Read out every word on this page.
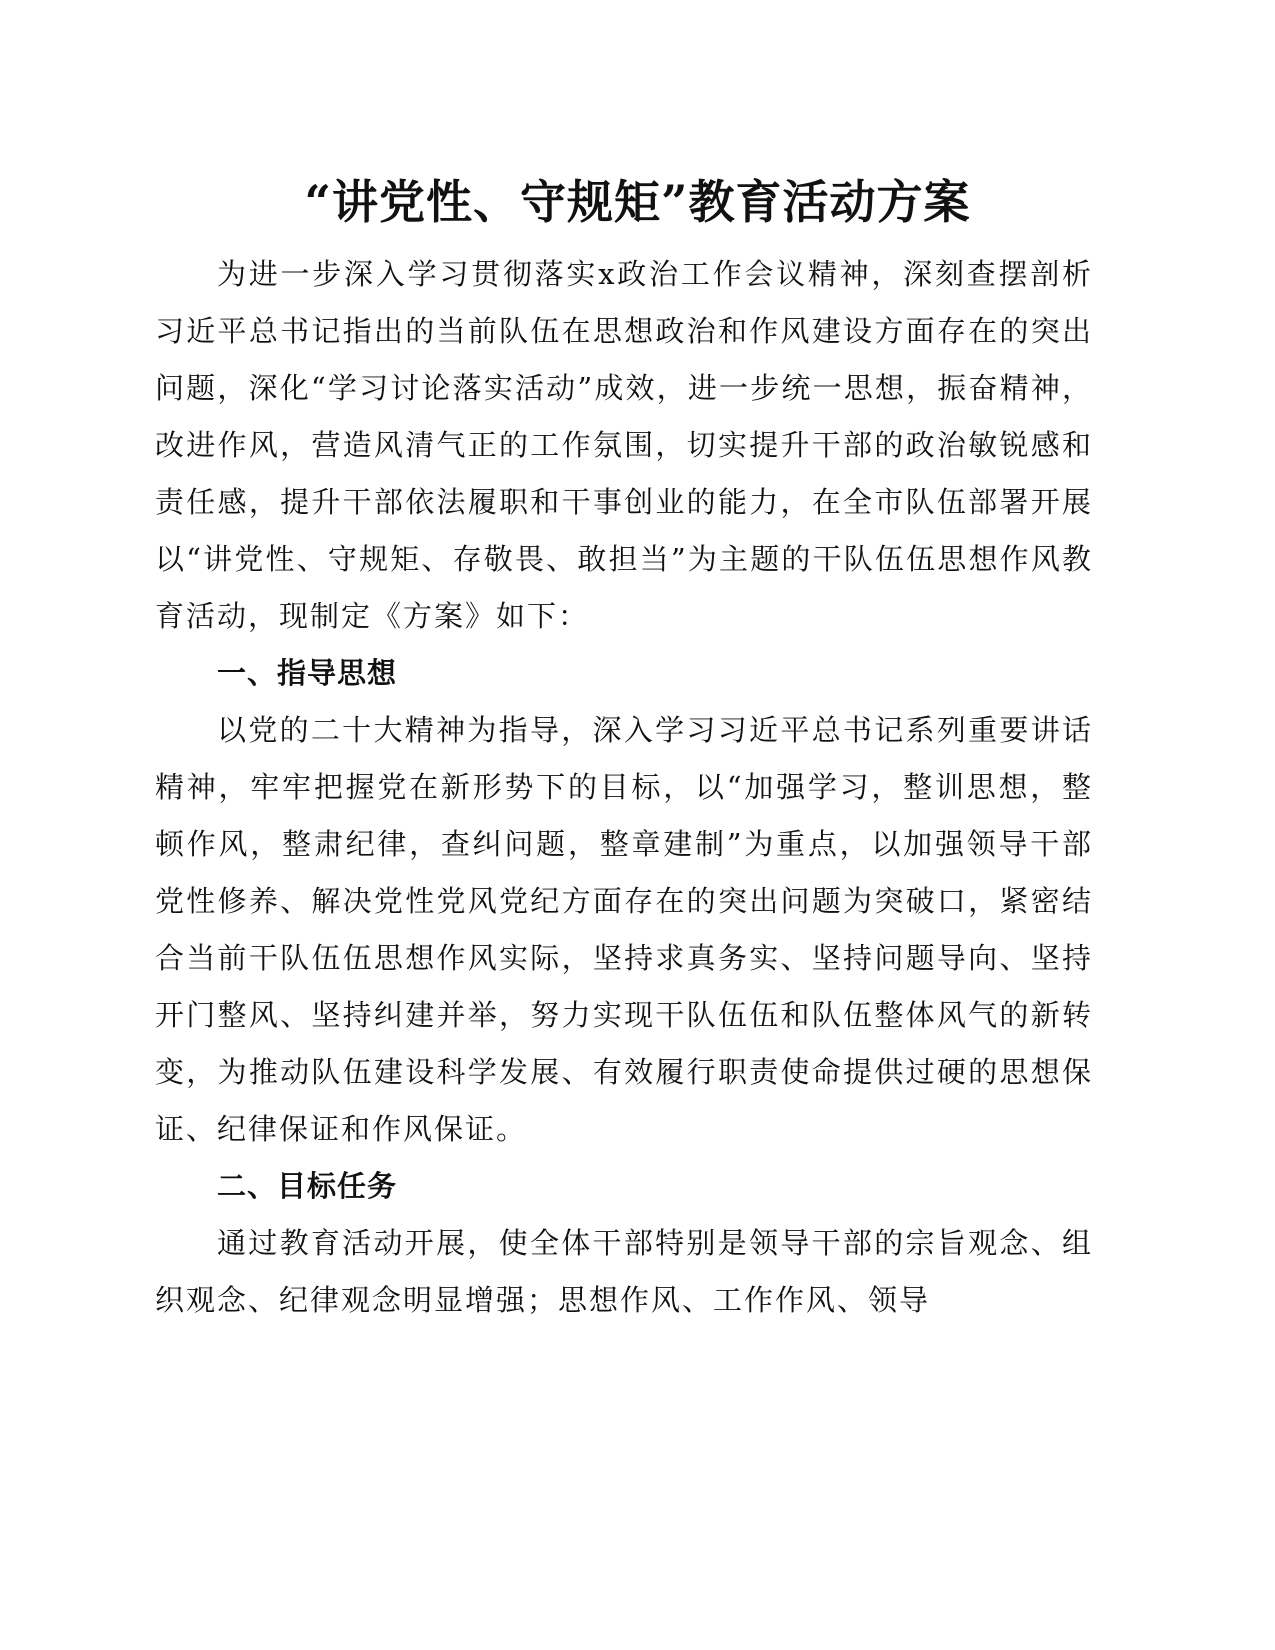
“讲党性、守规矩”教育活动方案

为进一步深入学习贯彻落实x政治工作会议精神，深刻查摆剖析习近平总书记指出的当前队伍在思想政治和作风建设方面存在的突出问题，深化“学习讨论落实活动”成效，进一步统一思想，振奋精神，改进作风，营造风清气正的工作氛围，切实提升干部的政治敏锐感和责任感，提升干部依法履职和干事创业的能力，在全市队伍部署开展以“讲党性、守规矩、存敬畏、敢担当”为主题的干队伍伍思想作风教育活动，现制定《方案》如下：

一、指导思想

以党的二十大精神为指导，深入学习习近平总书记系列重要讲话精神，牢牢把握党在新形势下的目标，以“加强学习，整训思想，整顿作风，整肃纪律，查纠问题，整章建制”为重点，以加强领导干部党性修养、解决党性党风党纪方面存在的突出问题为突破口，紧密结合当前干队伍伍思想作风实际，坚持求真务实、坚持问题导向、坚持开门整风、坚持纠建并举，努力实现干队伍伍和队伍整体风气的新转变，为推动队伍建设科学发展、有效履行职责使命提供过硬的思想保证、纪律保证和作风保证。

二、目标任务

通过教育活动开展，使全体干部特别是领导干部的宗旨观念、组织观念、纪律观念明显增强；思想作风、工作作风、领导
